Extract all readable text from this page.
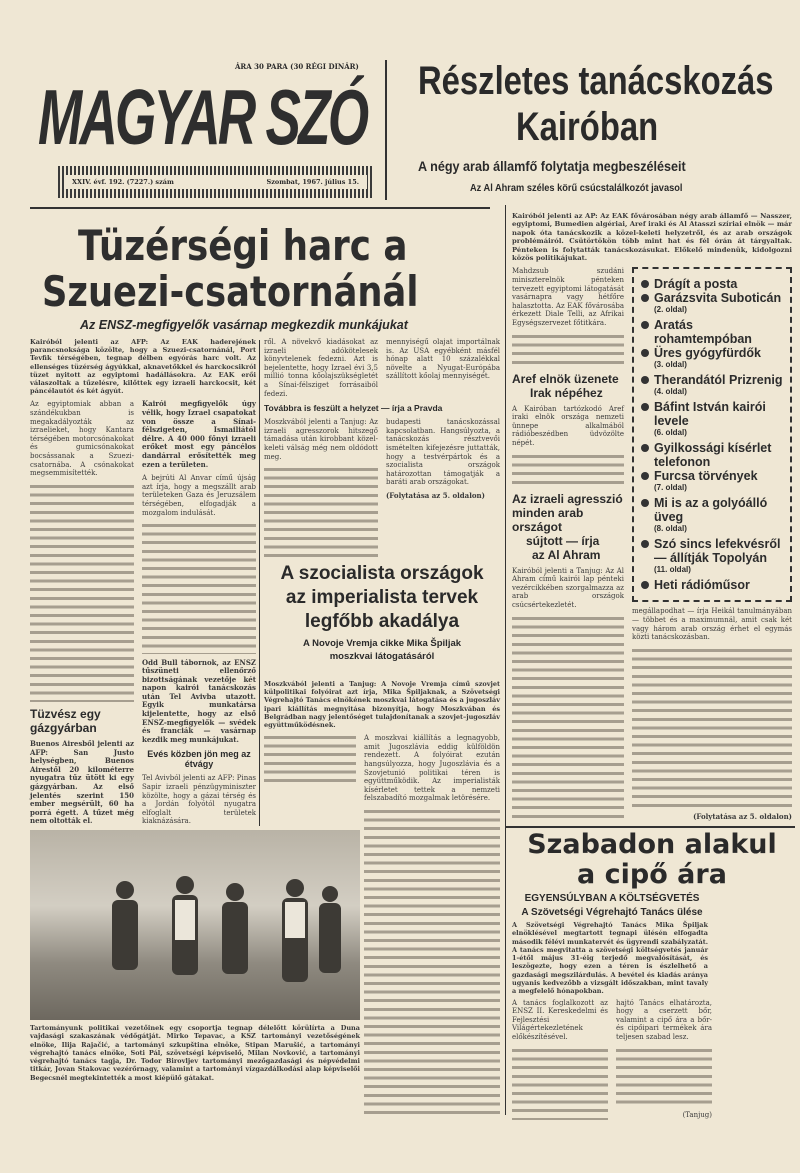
ÁRA 30 PARA (30 RÉGI DINÁR)
MAGYAR SZÓ
XXIV. évf. 192. (7227.) szám	Szombat, 1967. július 15.
Részletes tanácskozás
Kairóban
A négy arab államfő folytatja megbeszéléseit
Az Al Ahram széles körű csúcstalálkozót javasol
Kairóból jelenti az AP: Az EAK fővárosában négy arab államfő — Nasszer, egyiptomi, Bumedien algériai, Aref iraki és Al Atasszi szíriai elnök — már napok óta tanácskozik a közel-keleti helyzetről, és az arab országok problémáiról. Csütörtökön több mint hat és fél órán át tárgyaltak. Pénteken is folytatták tanácskozásukat. Előkelő mindenük, kidolgozni közös politikájukat.
Mahdzsub szudáni miniszterelnök pénteken tervezett egyiptomi látogatását vasárnapra vagy hétfőre halasztotta. Az EAK fővárosába érkezett Diale Telli, az Afrikai Egységszervezet főtitkára.
Aref elnök üzenete
Irak népéhez
A Kairóban tartózkodó Aref iraki elnök országa nemzeti ünnepe alkalmából rádióbeszédben üdvözölte népét.
Az izraeli agresszió
minden arab országot
sújtott — írja
az Al Ahram
Kairóból jelenti a Tanjug: Az Al Ahram című kairói lap pénteki vezércikkében szorgalmazza az arab országok csúcsértekezletét.
Drágít a posta
Garázsvita Suboticán
(2. oldal)
Aratás rohamtempóban
Üres gyógyfürdők
(3. oldal)
Therandától Prizrenig
(4. oldal)
Báfint István kairói levele
(6. oldal)
Gyilkossági kísérlet telefonon
Furcsa törvények
(7. oldal)
Mi is az a golyóálló üveg
(8. oldal)
Szó sincs lefekvésről — állítják Topolyán
(11. oldal)
Heti rádióműsor
megállapodhat — írja Heikál tanulmányában — többet és a maximumnál, amit csak két vagy három arab ország érhet el egymás közti tanácskozásban.
(Folytatása az 5. oldalon)
Szabadon alakul
a cipő ára
EGYENSÚLYBAN A KÖLTSÉGVETÉS
A Szövetségi Végrehajtó Tanács ülése
A Szövetségi Végrehajtó Tanács Mika Špiljak elnöklésével megtartott tegnapi ülésén elfogadta második félévi munkatervét és ügyrendi szabályzatát. A tanács megvitatta a szövetségi költségvetés január 1-étől május 31-éig terjedő megvalósítását, és leszögezte, hogy ezen a téren is észlelhető a gazdasági megszilárdulás. A bevétel és kiadás aránya ugyanis kedvezőbb a vizsgált időszakban, mint tavaly a megfelelő hónapokban.
A tanács foglalkozott az ENSZ II. Kereskedelmi és Fejlesztési Világértekezletének előkészítésével.
hajtó Tanács elhatározta, hogy a cserzett bőr, valamint a cipő ára a bőr- és cipőipari termékek ára teljesen szabad lesz.
(Tanjug)
Tüzérségi harc a
Szuezi-csatornánál
Az ENSZ-megfigyelők vasárnap megkezdik munkájukat
Kairóból jelenti az AFP: Az EAK haderejének parancsnoksága közölte, hogy a Szuezi-csatornánál, Port Tevfik térségében, tegnap délben egyórás harc volt. Az ellenséges tüzérség ágyúkkal, aknavetőkkel és harckocsikról tüzet nyitott az egyiptomi hadállásokra. Az EAK erői válaszoltak a tűzelésre, kilőttek egy izraeli harckocsit, két páncélautót és két ágyút.
Az egyiptomiak abban a szándékukban is megakadályozták az izraelieket, hogy Kantara térségében motorcsónakokat és gumicsónakokat bocsássanak a Szuezi-csatornába. A csónakokat megsemmisítették.
Tüzvész egy gázgyárban
Buenos Airesből jelenti az AFP: San Justo helységben, Buenos Airestől 20 kilométerre nyugatra tűz ütött ki egy gázgyárban. Az első jelentés szerint 150 ember megsérült, 60 ha porrá égett. A tűzet még nem oltották el.
Kairói megfigyelők úgy vélik, hogy Izrael csapatokat von össze a Sínai-félszigeten, Ismailiától délre. A 40 000 főnyi izraeli erőket most egy páncélos dandárral erősítették meg ezen a területen.
A bejrúti Al Anvar című újság azt írja, hogy a megszállt arab területeken Gaza és Jeruzsálem térségében, elfogadják a mozgalom indulását.
Odd Bull tábornok, az ENSZ tűszüneti ellenőrző bizottságának vezetője két napon kairói tanácskozás után Tel Avivba utazott. Egyik munkatársa kijelentette, hogy az első ENSZ-megfigyelők — svédek és franciák — vasárnap kezdik meg munkájukat.
Evés közben jön meg az étvágy
Tel Avivból jelenti az AFP: Pinas Sapir izraeli pénzügyminiszter közölte, hogy a gázai térség és a Jordán folyótól nyugatra elfoglalt területek kiaknázására.
ről. A növekvő kiadásokat az izraeli adókötelesek könyvtelenek fedezni. Azt is bejelentette, hogy Izrael évi 3,5 millió tonna kőolajszükségletét a Sínai-félsziget forrásaiból fedezi.
mennyiségű olajat importálnak is. Az USA egyébként másfél hónap alatt 10 százalékkal növelte a Nyugat-Európába szállított kőolaj mennyiségét.
Továbbra is feszült a helyzet — írja a Pravda
Moszkvából jelenti a Tanjug: Az izraeli agresszorok hitszegő támadása után kirobbant közel-keleti válság még nem oldódott meg.
budapesti tanácskozással kapcsolatban. Hangsúlyozta, a tanácskozás résztvevői ismételten kifejezésre juttatták, hogy a testvérpártok és a szocialista országok határozottan támogatják a baráti arab országokat.
(Folytatása az 5. oldalon)
A szocialista országok
az imperialista tervek
legfőbb akadálya
A Novoje Vremja cikke Mika Špiljak
moszkvai látogatásáról
Moszkvából jelenti a Tanjug: A Novoje Vremja című szovjet külpolitikai folyóirat azt írja, Mika Špiljaknak, a Szövetségi Végrehajtó Tanács elnökének moszkvai látogatása és a jugoszláv ipari kiállítás megnyitása bizonyítja, hogy Moszkvában és Belgrádban nagy jelentőséget tulajdonítanak a szovjet–jugoszláv együttműködésnek.
A moszkvai kiállítás a legnagyobb, amit Jugoszlávia eddig külföldön rendezett. A folyóirat ezután hangsúlyozza, hogy Jugoszlávia és a Szovjetunió politikai téren is együttműködik. Az imperialisták kísérletet tettek a nemzeti felszabadító mozgalmak letörésére.
Tartományunk politikai vezetőinek egy csoportja tegnap délelőtt körülírta a Duna vajdasági szakaszának védőgátját. Mirko Tepavac, a KSZ tartományi vezetőségének elnöke, Ilija Rajačić, a tartományi szkupština elnöke, Stipan Marušić, a tartományi végrehajtó tanács elnöke, Soti Pál, szövetségi képviselő, Milan Novković, a tartományi végrehajtó tanács tagja, Dr. Todor Birovljev tartományi mezőgazdasági és népvédelmi titkár, Jovan Stakovac vezérőrnagy, valamint a tartományi vízgazdálkodási alap képviselői Begecsnél megtekintették a most kiépülő gátakat.
